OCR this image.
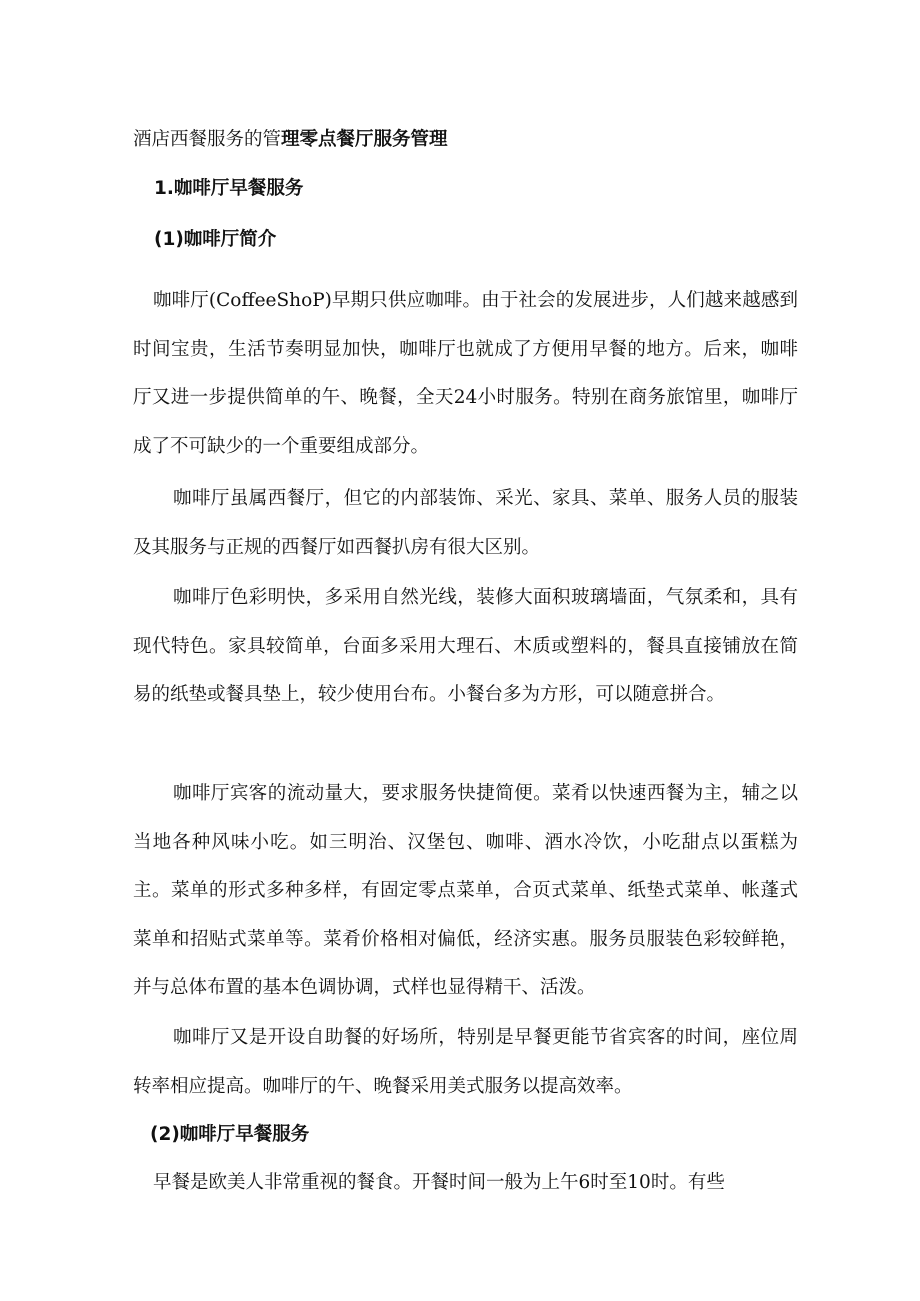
酒店西餐服务的管理零点餐厅服务管理
1.咖啡厅早餐服务
(1)咖啡厅简介

咖啡厅(CoffeeShoP)早期只供应咖啡。由于社会的发展进步，人们越来越感到时间宝贵，生活节奏明显加快，咖啡厅也就成了方便用早餐的地方。后来，咖啡厅又进一步提供简单的午、晚餐，全天24小时服务。特别在商务旅馆里，咖啡厅成了不可缺少的一个重要组成部分。

咖啡厅虽属西餐厅，但它的内部装饰、采光、家具、菜单、服务人员的服装及其服务与正规的西餐厅如西餐扒房有很大区别。

咖啡厅色彩明快，多采用自然光线，装修大面积玻璃墙面，气氛柔和，具有现代特色。家具较简单，台面多采用大理石、木质或塑料的，餐具直接铺放在简易的纸垫或餐具垫上，较少使用台布。小餐台多为方形，可以随意拼合。

咖啡厅宾客的流动量大，要求服务快捷简便。菜肴以快速西餐为主，辅之以当地各种风味小吃。如三明治、汉堡包、咖啡、酒水冷饮，小吃甜点以蛋糕为主。菜单的形式多种多样，有固定零点菜单，合页式菜单、纸垫式菜单、帐蓬式菜单和招贴式菜单等。菜肴价格相对偏低，经济实惠。服务员服装色彩较鲜艳，并与总体布置的基本色调协调，式样也显得精干、活泼。

咖啡厅又是开设自助餐的好场所，特别是早餐更能节省宾客的时间，座位周转率相应提高。咖啡厅的午、晚餐采用美式服务以提高效率。

(2)咖啡厅早餐服务

早餐是欧美人非常重视的餐食。开餐时间一般为上午6时至10时。有些
